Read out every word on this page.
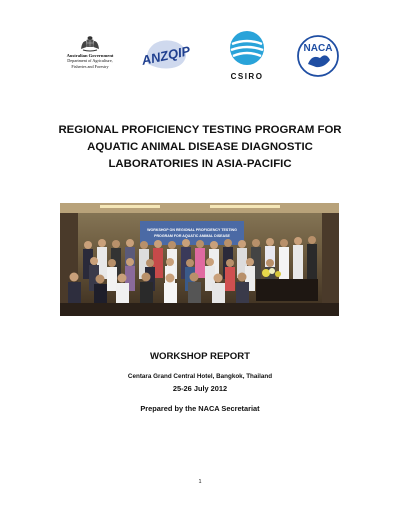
Australian Government
Department of Agriculture,
Fisheries and Forestry	ANZQIP
CSIRO
NACA
REGIONAL PROFICIENCY TESTING PROGRAM FOR
AQUATIC ANIMAL DISEASE DIAGNOSTIC
LABORATORIES IN ASIA-PACIFIC
WORKSHOP ON REGIONAL PROFICIENCY TESTING
PROGRAM FOR AQUATIC ANIMAL DISEASE
WORKSHOP REPORT
Centara Grand Central Hotel, Bangkok, Thailand
25-26 July 2012
Prepared by the NACA Secretariat
1
